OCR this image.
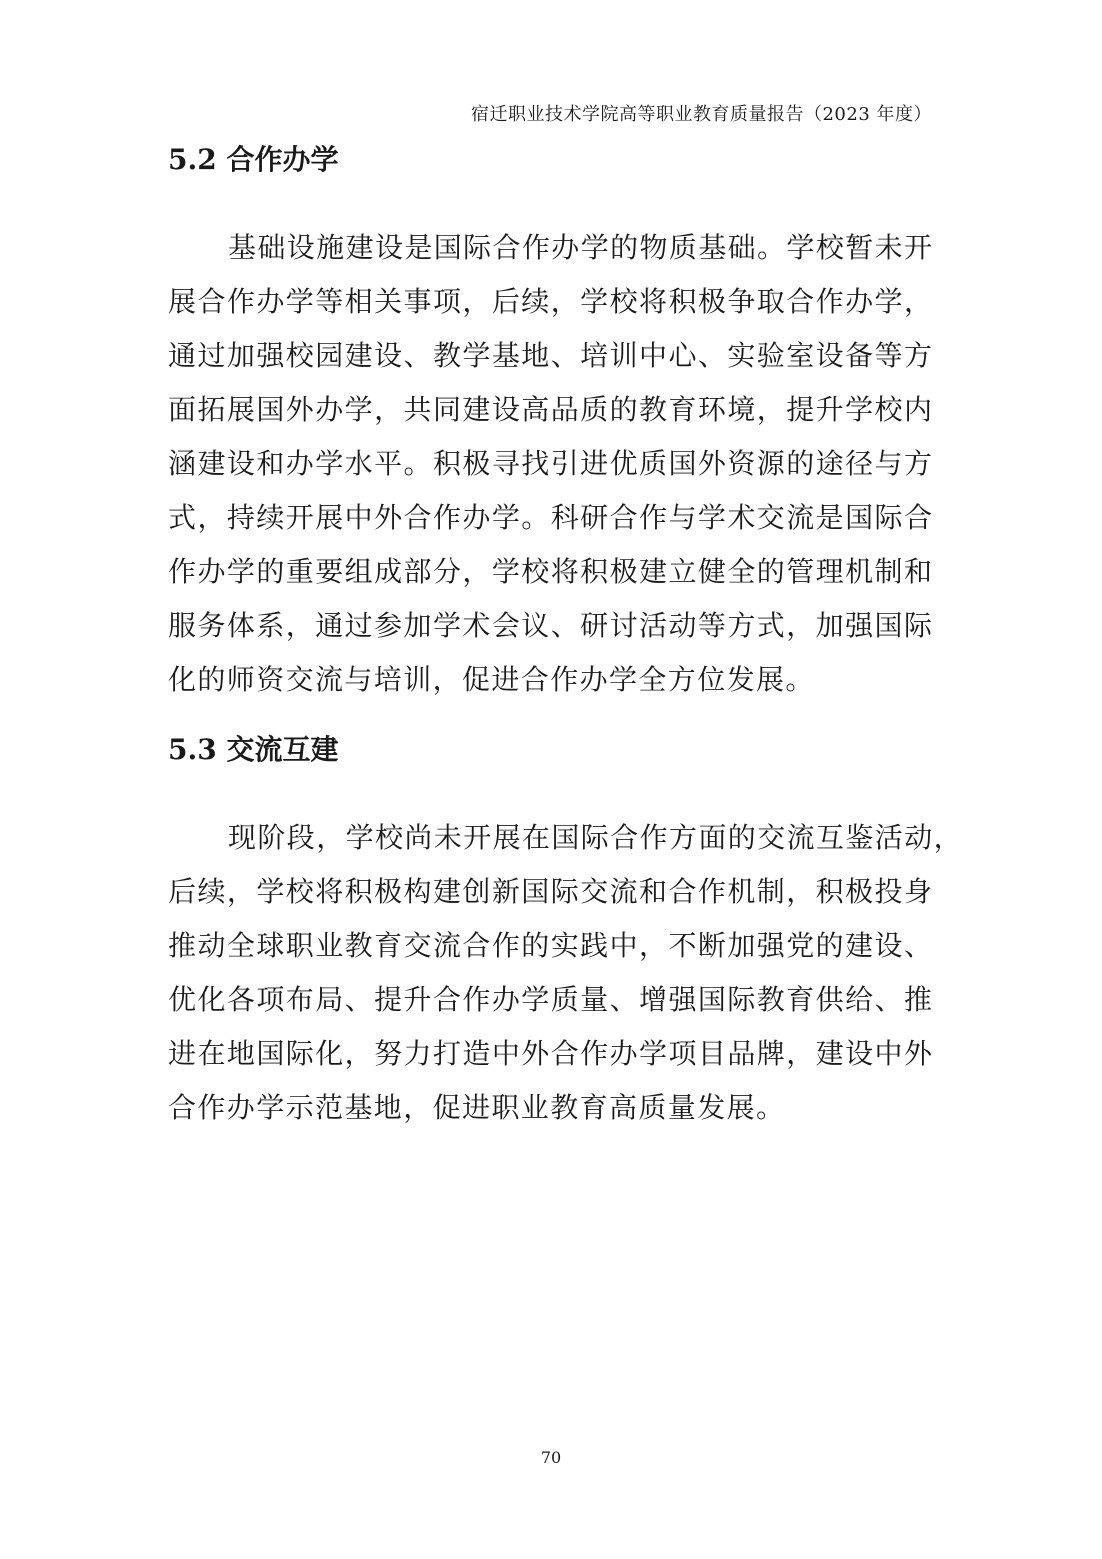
宿迁职业技术学院高等职业教育质量报告（2023 年度）
5.2 合作办学
基础设施建设是国际合作办学的物质基础。学校暂未开
展合作办学等相关事项，后续，学校将积极争取合作办学，
通过加强校园建设、教学基地、培训中心、实验室设备等方
面拓展国外办学，共同建设高品质的教育环境，提升学校内
涵建设和办学水平。积极寻找引进优质国外资源的途径与方
式，持续开展中外合作办学。科研合作与学术交流是国际合
作办学的重要组成部分，学校将积极建立健全的管理机制和
服务体系，通过参加学术会议、研讨活动等方式，加强国际
化的师资交流与培训，促进合作办学全方位发展。
5.3 交流互建
现阶段，学校尚未开展在国际合作方面的交流互鉴活动，
后续，学校将积极构建创新国际交流和合作机制，积极投身
推动全球职业教育交流合作的实践中，不断加强党的建设、
优化各项布局、提升合作办学质量、增强国际教育供给、推
进在地国际化，努力打造中外合作办学项目品牌，建设中外
合作办学示范基地，促进职业教育高质量发展。
70
